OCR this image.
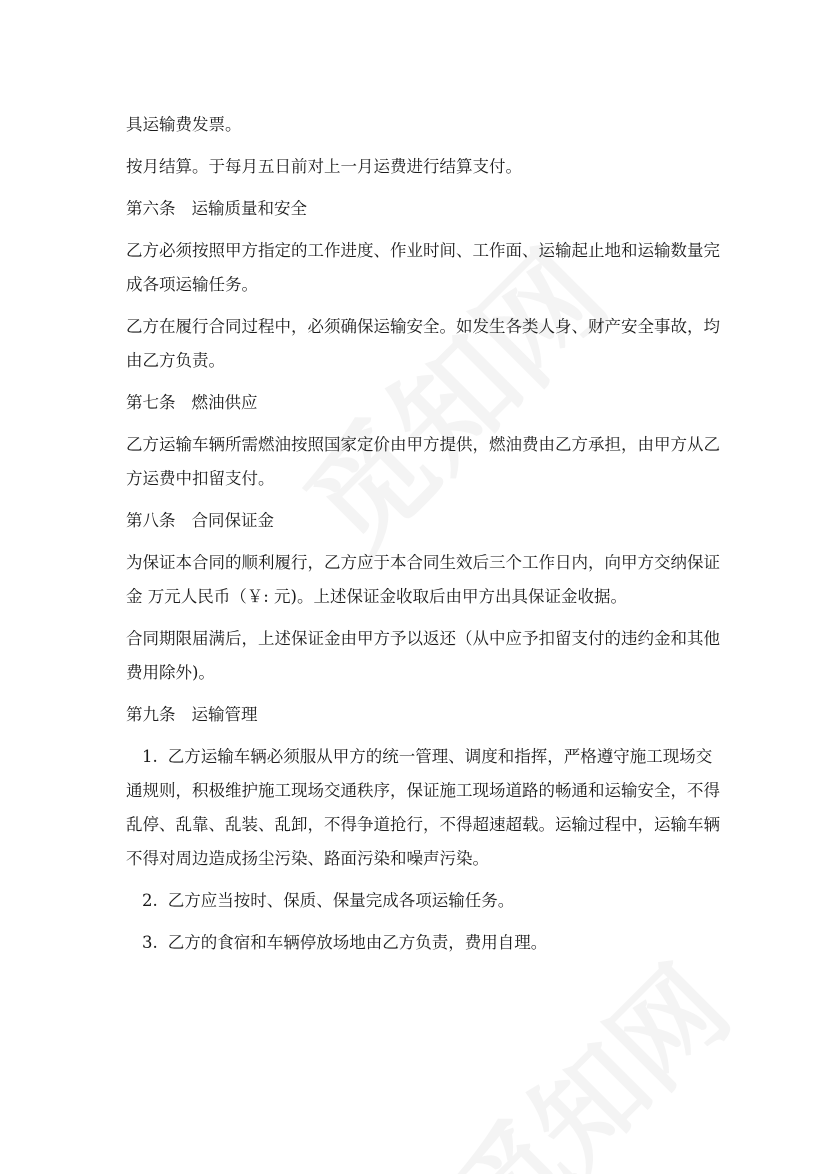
具运输费发票。

按月结算。于每月五日前对上一月运费进行结算支付。

第六条 运输质量和安全

乙方必须按照甲方指定的工作进度、作业时间、工作面、运输起止地和运输数量完成各项运输任务。

乙方在履行合同过程中，必须确保运输安全。如发生各类人身、财产安全事故，均由乙方负责。

第七条 燃油供应

乙方运输车辆所需燃油按照国家定价由甲方提供，燃油费由乙方承担，由甲方从乙方运费中扣留支付。

第八条 合同保证金

为保证本合同的顺利履行，乙方应于本合同生效后三个工作日内，向甲方交纳保证金 万元人民币（￥: 元)。上述保证金收取后由甲方出具保证金收据。

合同期限届满后，上述保证金由甲方予以返还（从中应予扣留支付的违约金和其他费用除外)。

第九条 运输管理

1. 乙方运输车辆必须服从甲方的统一管理、调度和指挥，严格遵守施工现场交通规则，积极维护施工现场交通秩序，保证施工现场道路的畅通和运输安全，不得乱停、乱靠、乱装、乱卸，不得争道抢行，不得超速超载。运输过程中，运输车辆不得对周边造成扬尘污染、路面污染和噪声污染。

2. 乙方应当按时、保质、保量完成各项运输任务。

3. 乙方的食宿和车辆停放场地由乙方负责，费用自理。
